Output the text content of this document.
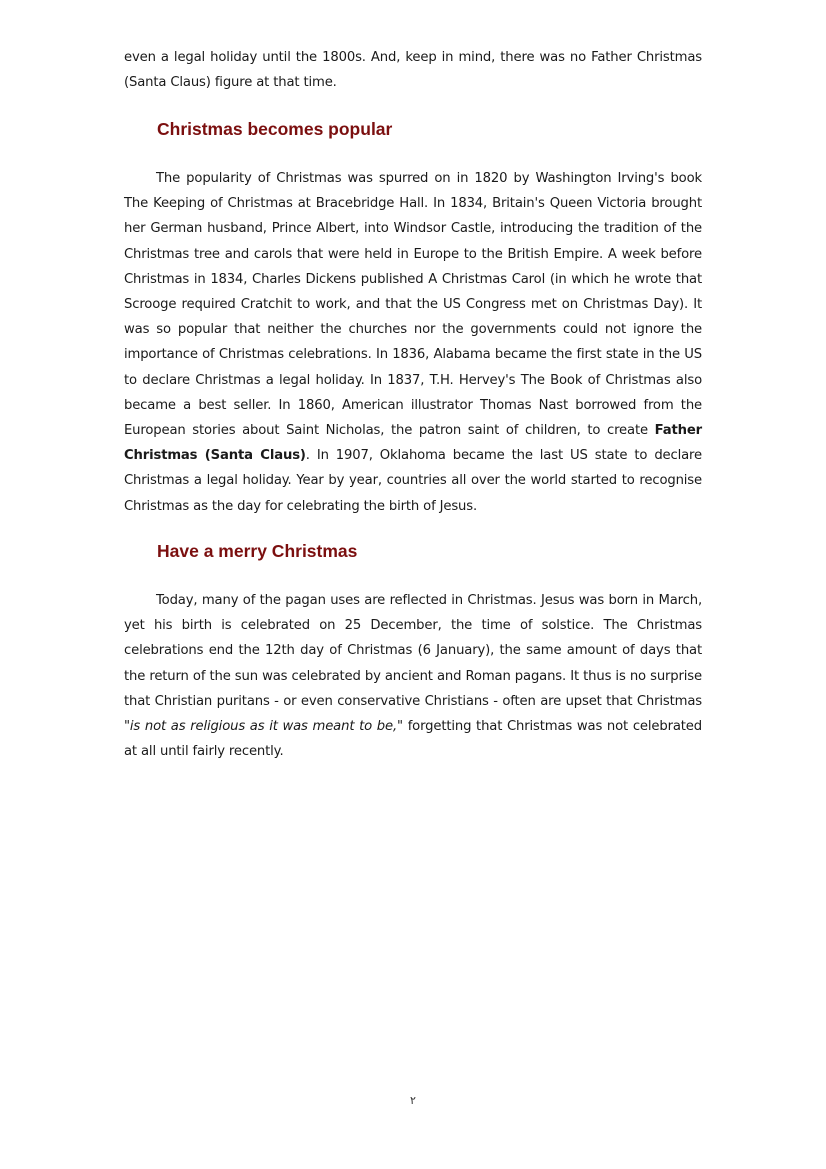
even a legal holiday until the 1800s. And, keep in mind, there was no Father Christmas (Santa Claus) figure at that time.

Christmas becomes popular

The popularity of Christmas was spurred on in 1820 by Washington Irving's book The Keeping of Christmas at Bracebridge Hall. In 1834, Britain's Queen Victoria brought her German husband, Prince Albert, into Windsor Castle, introducing the tradition of the Christmas tree and carols that were held in Europe to the British Empire. A week before Christmas in 1834, Charles Dickens published A Christmas Carol (in which he wrote that Scrooge required Cratchit to work, and that the US Congress met on Christmas Day). It was so popular that neither the churches nor the governments could not ignore the importance of Christmas celebrations. In 1836, Alabama became the first state in the US to declare Christmas a legal holiday. In 1837, T.H. Hervey's The Book of Christmas also became a best seller. In 1860, American illustrator Thomas Nast borrowed from the European stories about Saint Nicholas, the patron saint of children, to create Father Christmas (Santa Claus). In 1907, Oklahoma became the last US state to declare Christmas a legal holiday. Year by year, countries all over the world started to recognise Christmas as the day for celebrating the birth of Jesus.

Have a merry Christmas

Today, many of the pagan uses are reflected in Christmas. Jesus was born in March, yet his birth is celebrated on 25 December, the time of solstice. The Christmas celebrations end the 12th day of Christmas (6 January), the same amount of days that the return of the sun was celebrated by ancient and Roman pagans. It thus is no surprise that Christian puritans - or even conservative Christians - often are upset that Christmas "is not as religious as it was meant to be," forgetting that Christmas was not celebrated at all until fairly recently.

٢
